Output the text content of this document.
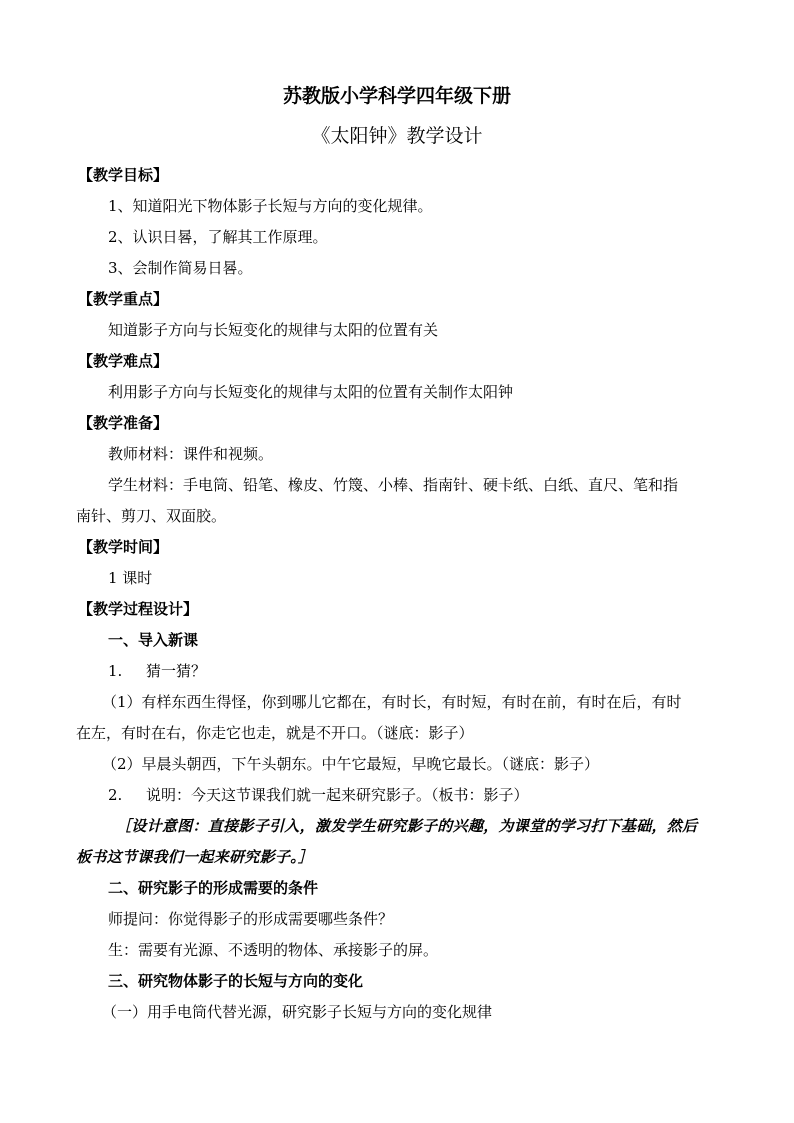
苏教版小学科学四年级下册
《太阳钟》教学设计
【教学目标】
1、知道阳光下物体影子长短与方向的变化规律。
2、认识日晷，了解其工作原理。
3、会制作简易日晷。
【教学重点】
知道影子方向与长短变化的规律与太阳的位置有关
【教学难点】
利用影子方向与长短变化的规律与太阳的位置有关制作太阳钟
【教学准备】
教师材料：课件和视频。
学生材料：手电筒、铅笔、橡皮、竹篾、小棒、指南针、硬卡纸、白纸、直尺、笔和指
南针、剪刀、双面胶。
【教学时间】
1 课时
【教学过程设计】
一、导入新课
1. 猜一猜？
（1）有样东西生得怪，你到哪儿它都在，有时长，有时短，有时在前，有时在后，有时
在左，有时在右，你走它也走，就是不开口。（谜底：影子）
（2）早晨头朝西，下午头朝东。中午它最短，早晚它最长。（谜底：影子）
2. 说明：今天这节课我们就一起来研究影子。（板书：影子）
［设计意图：直接影子引入，激发学生研究影子的兴趣，为课堂的学习打下基础，然后
板书这节课我们一起来研究影子。］
二、研究影子的形成需要的条件
师提问：你觉得影子的形成需要哪些条件？
生：需要有光源、不透明的物体、承接影子的屏。
三、研究物体影子的长短与方向的变化
（一）用手电筒代替光源，研究影子长短与方向的变化规律
